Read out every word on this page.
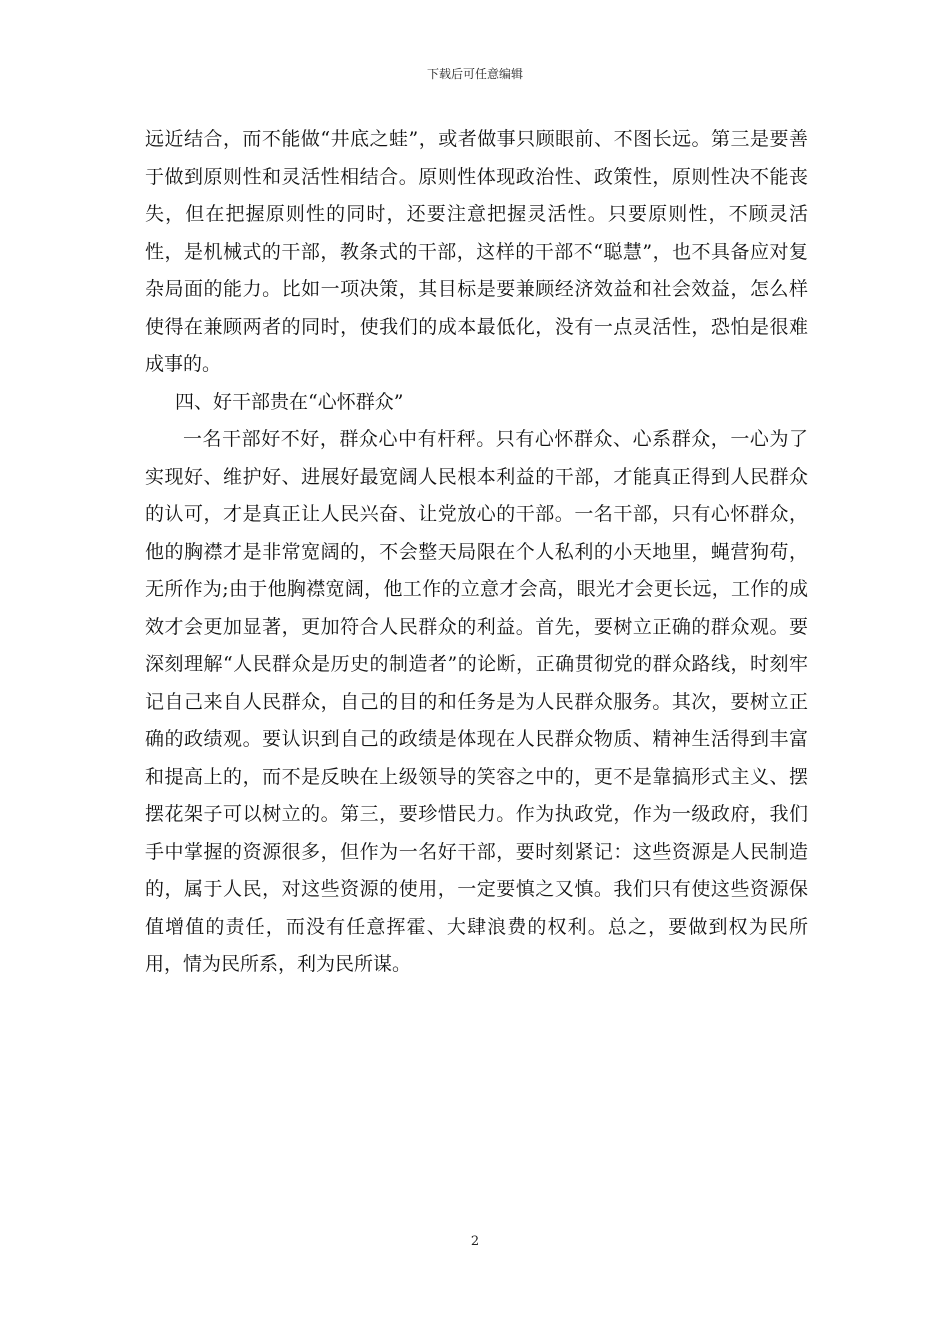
下载后可任意编辑

远近结合，而不能做“井底之蛙”，或者做事只顾眼前、不图长远。第三是要善于做到原则性和灵活性相结合。原则性体现政治性、政策性，原则性决不能丧失，但在把握原则性的同时，还要注意把握灵活性。只要原则性，不顾灵活性，是机械式的干部，教条式的干部，这样的干部不“聪慧”，也不具备应对复杂局面的能力。比如一项决策，其目标是要兼顾经济效益和社会效益，怎么样使得在兼顾两者的同时，使我们的成本最低化，没有一点灵活性，恐怕是很难成事的。

四、好干部贵在“心怀群众”

一名干部好不好，群众心中有杆秤。只有心怀群众、心系群众，一心为了实现好、维护好、进展好最宽阔人民根本利益的干部，才能真正得到人民群众的认可，才是真正让人民兴奋、让党放心的干部。一名干部，只有心怀群众，他的胸襟才是非常宽阔的，不会整天局限在个人私利的小天地里，蝇营狗苟，无所作为;由于他胸襟宽阔，他工作的立意才会高，眼光才会更长远，工作的成效才会更加显著，更加符合人民群众的利益。首先，要树立正确的群众观。要深刻理解“人民群众是历史的制造者”的论断，正确贯彻党的群众路线，时刻牢记自己来自人民群众，自己的目的和任务是为人民群众服务。其次，要树立正确的政绩观。要认识到自己的政绩是体现在人民群众物质、精神生活得到丰富和提高上的，而不是反映在上级领导的笑容之中的，更不是靠搞形式主义、摆摆花架子可以树立的。第三，要珍惜民力。作为执政党，作为一级政府，我们手中掌握的资源很多，但作为一名好干部，要时刻紧记：这些资源是人民制造的，属于人民，对这些资源的使用，一定要慎之又慎。我们只有使这些资源保值增值的责任，而没有任意挥霍、大肆浪费的权利。总之，要做到权为民所用，情为民所系，利为民所谋。

2
